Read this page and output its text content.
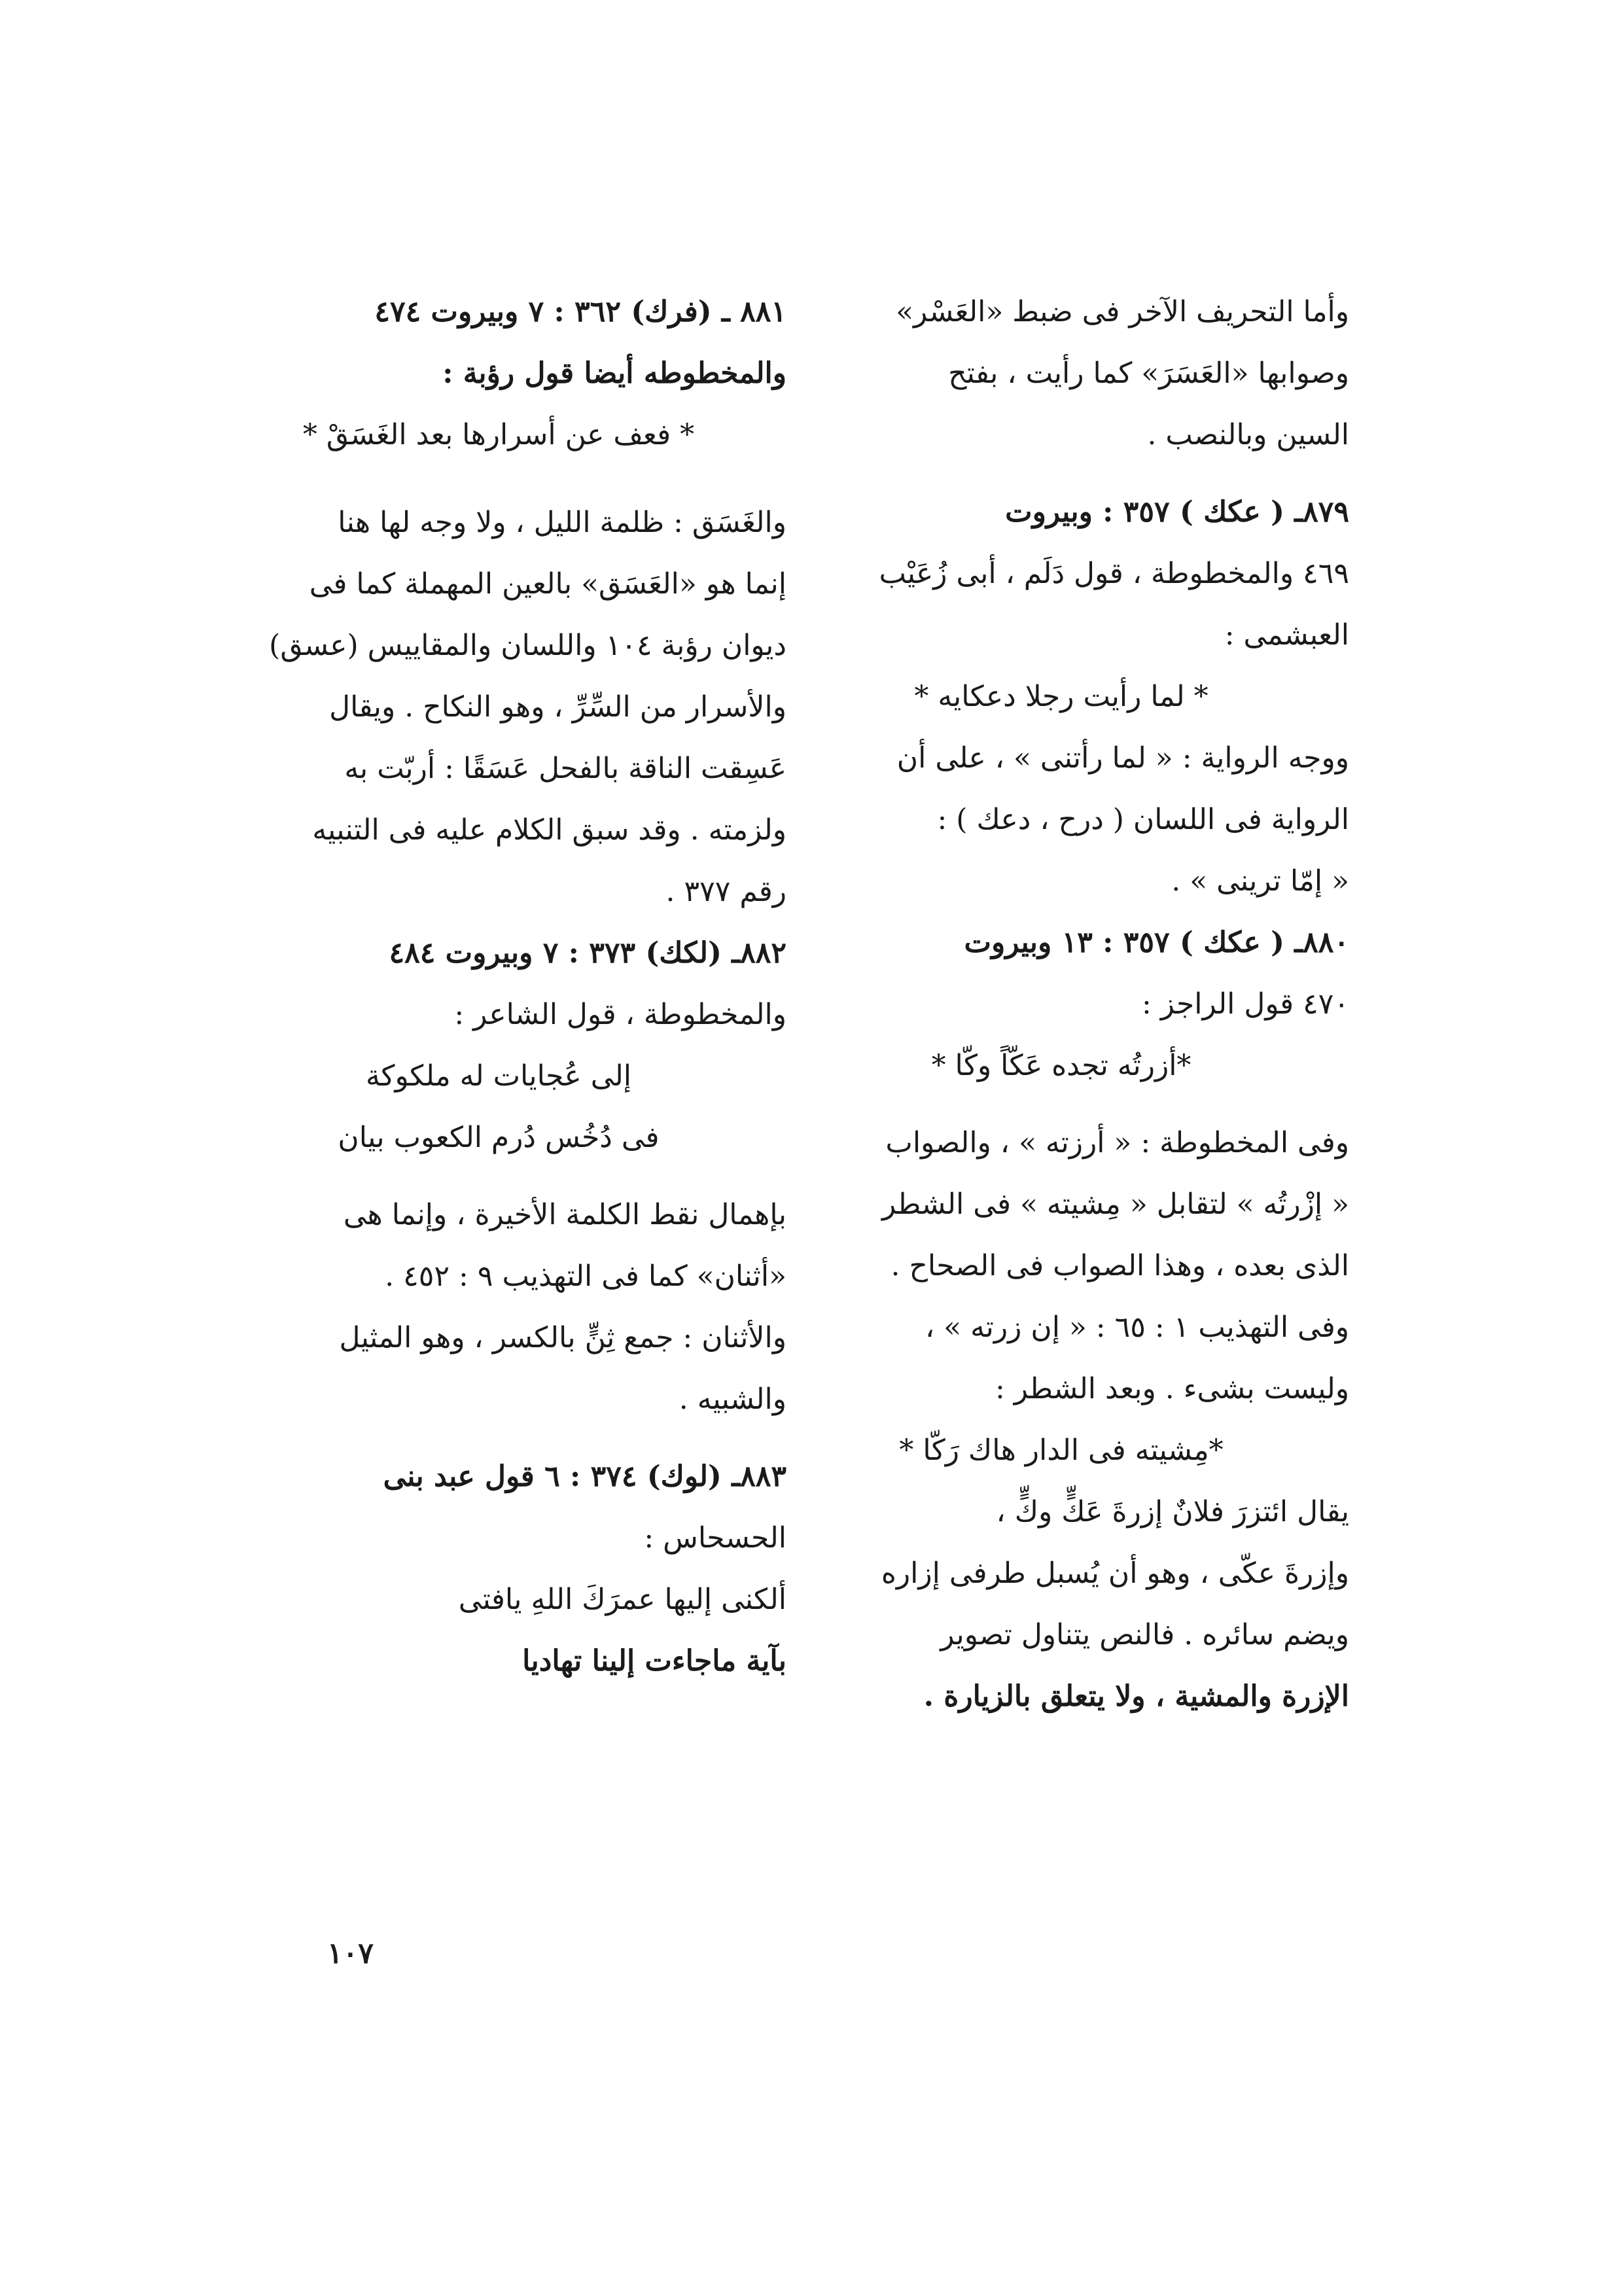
وأما التحريف الآخر فى ضبط «العَسْر»
وصوابها «العَسَرَ» كما رأيت ، بفتح
السين وبالنصب .
٨٧٩ـ ( عكك ) ٣٥٧ : وبيروت
٤٦٩ والمخطوطة ، قول دَلَم ، أبى زُعَيْب
العبشمى :
* لما رأيت رجلا دعكايه *
ووجه الرواية : « لما رأتنى » ، على أن
الرواية فى اللسان ( درح ، دعك ) :
« إمّا ترينى » .
٨٨٠ـ ( عكك ) ٣٥٧ : ١٣ وبيروت
٤٧٠ قول الراجز :
*أزرتُه تجده عَكّاً وكّا *
وفى المخطوطة : « أرزته » ، والصواب
« إزْرتُه » لتقابل « مِشيته » فى الشطر
الذى بعده ، وهذا الصواب فى الصحاح .
وفى التهذيب ١ : ٦٥ : « إن زرته » ،
وليست بشىء . وبعد الشطر :
*مِشيته فى الدار هاك رَكّا *
يقال ائتزرَ فلانٌ إزرةَ عَكٍّ وكٍّ ،
وإزرةَ عكّى ، وهو أن يُسبل طرفى إزاره
ويضم سائره . فالنص يتناول تصوير
الإزرة والمشية ، ولا يتعلق بالزيارة .
٨٨١ ـ (فرك) ٣٦٢ : ٧ وبيروت ٤٧٤
والمخطوطه أيضا قول رؤبة :
* فعف عن أسرارها بعد الغَسَقْ *
والغَسَق : ظلمة الليل ، ولا وجه لها هنا
إنما هو «العَسَق» بالعين المهملة كما فى
ديوان رؤبة ١٠٤ واللسان والمقاييس (عسق)
والأسرار من السِّرِّ ، وهو النكاح . ويقال
عَسِقت الناقة بالفحل عَسَقًا : أربّت به
ولزمته . وقد سبق الكلام عليه فى التنبيه
رقم ٣٧٧ .
٨٨٢ـ (لكك) ٣٧٣ : ٧ وبيروت ٤٨٤
والمخطوطة ، قول الشاعر :
إلى عُجايات له ملكوكة
فى دُخُس دُرم الكعوب بيان
بإهمال نقط الكلمة الأخيرة ، وإنما هى
«أثنان» كما فى التهذيب ٩ : ٤٥٢ .
والأثنان : جمع ثِنٍّ بالكسر ، وهو المثيل
والشبيه .
٨٨٣ـ (لوك) ٣٧٤ : ٦ قول عبد بنى
الحسحاس :
ألكنى إليها عمرَكَ اللهِ يافتى
بآية ماجاءت إلينا تهاديا
١٠٧
